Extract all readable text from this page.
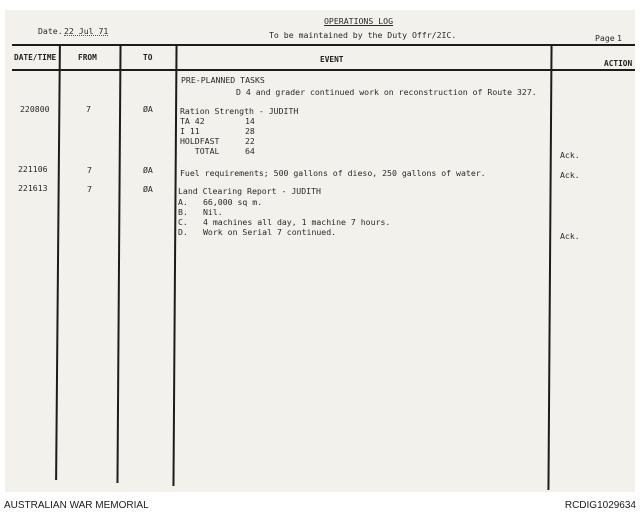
Date. 22 Jul 71
OPERATIONS LOG
To be maintained by the Duty Offr/2IC.	Page 1
DATE/TIME	FROM	TO	EVENT	ACTION
PRE-PLANNED TASKS
D 4 and grader continued work on reconstruction of Route 327.
220800	7	ØA	Ration Strength - JUDITH
TA 42	14
I 11	28
HOLDFAST	22
TOTAL	64	Ack.
221106	7	ØA	Fuel requirements; 500 gallons of dieso, 250 gallons of water.	Ack.
221613	7	ØA	Land Clearing Report - JUDITH
A. 66,000 sq m.
B. Nil.
C. 4 machines all day, 1 machine 7 hours.
D. Work on Serial 7 continued.	Ack.
AUSTRALIAN WAR MEMORIAL	RCDIG1029634
